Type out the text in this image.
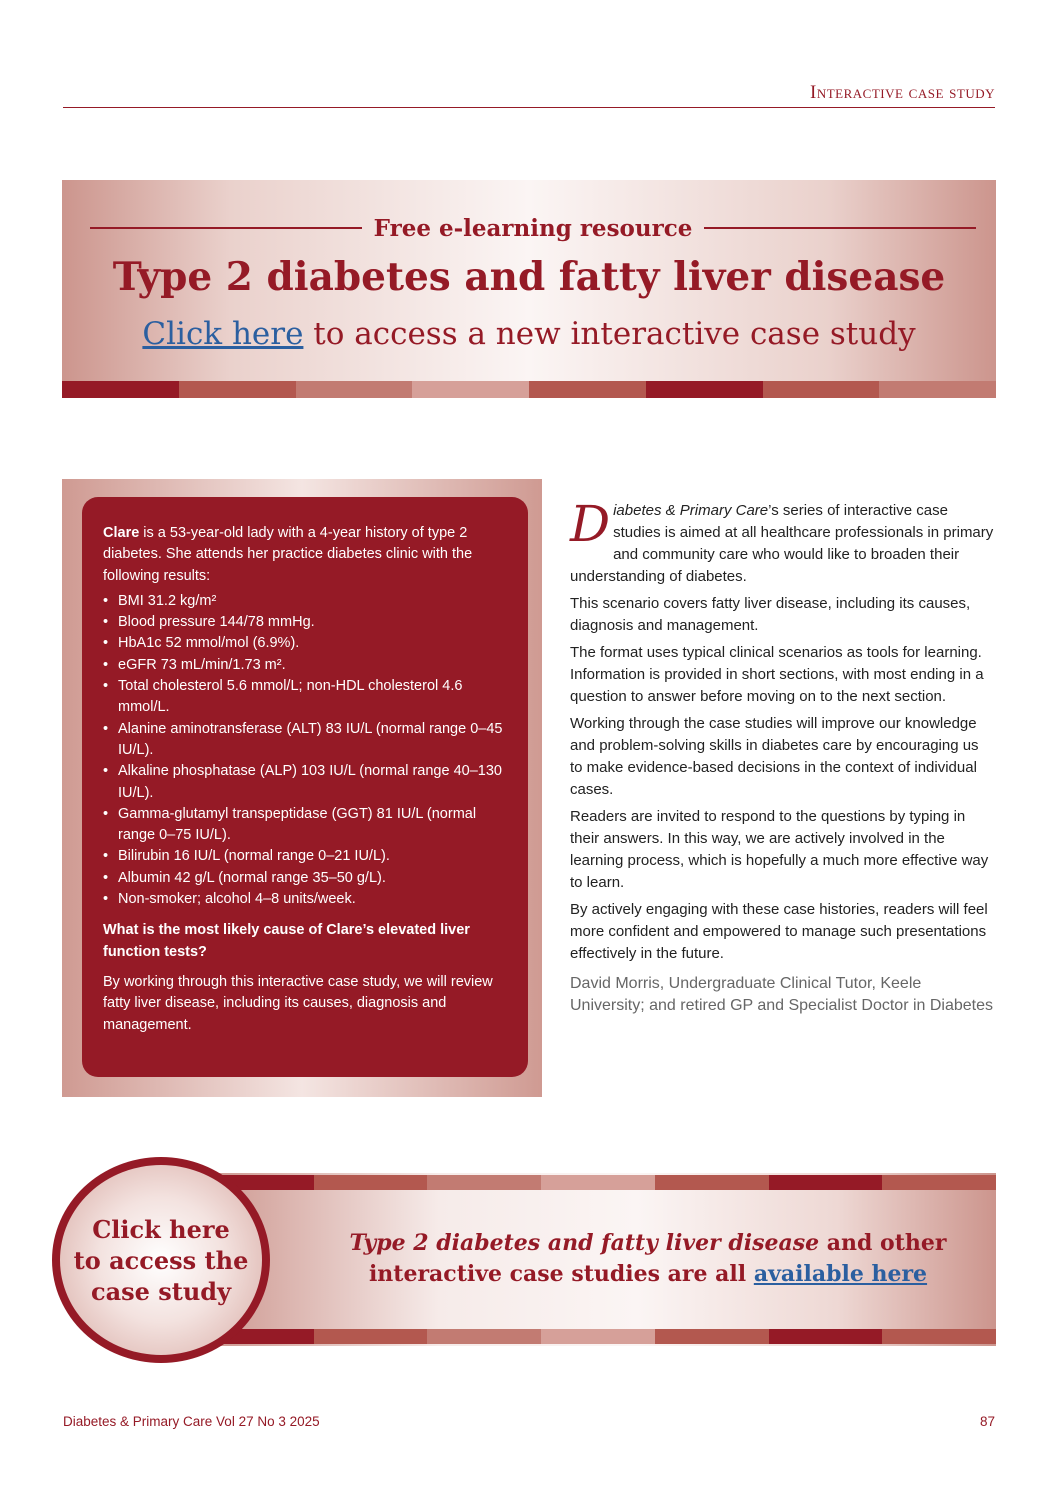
Interactive case study
Free e-learning resource
Type 2 diabetes and fatty liver disease
Click here to access a new interactive case study

Clare is a 53-year-old lady with a 4-year history of type 2 diabetes. She attends her practice diabetes clinic with the following results:

• BMI 31.2 kg/m²
• Blood pressure 144/78 mmHg.
• HbA1c 52 mmol/mol (6.9%).
• eGFR 73 mL/min/1.73 m².
• Total cholesterol 5.6 mmol/L; non-HDL cholesterol 4.6 mmol/L.
• Alanine aminotransferase (ALT) 83 IU/L (normal range 0–45 IU/L).
• Alkaline phosphatase (ALP) 103 IU/L (normal range 40–130 IU/L).
• Gamma-glutamyl transpeptidase (GGT) 81 IU/L (normal range 0–75 IU/L).
• Bilirubin 16 IU/L (normal range 0–21 IU/L).
• Albumin 42 g/L (normal range 35–50 g/L).
• Non-smoker; alcohol 4–8 units/week.

What is the most likely cause of Clare’s elevated liver function tests?

By working through this interactive case study, we will review fatty liver disease, including its causes, diagnosis and management.

Diabetes & Primary Care’s series of interactive case studies is aimed at all healthcare professionals in primary and community care who would like to broaden their understanding of diabetes.

This scenario covers fatty liver disease, including its causes, diagnosis and management.

The format uses typical clinical scenarios as tools for learning. Information is provided in short sections, with most ending in a question to answer before moving on to the next section.

Working through the case studies will improve our knowledge and problem-solving skills in diabetes care by encouraging us to make evidence-based decisions in the context of individual cases.

Readers are invited to respond to the questions by typing in their answers. In this way, we are actively involved in the learning process, which is hopefully a much more effective way to learn.

By actively engaging with these case histories, readers will feel more confident and empowered to manage such presentations effectively in the future.

David Morris, Undergraduate Clinical Tutor, Keele University; and retired GP and Specialist Doctor in Diabetes

Type 2 diabetes and fatty liver disease and other interactive case studies are all available here
Click here
to access the
case study
Diabetes & Primary Care Vol 27 No 3 2025	87
